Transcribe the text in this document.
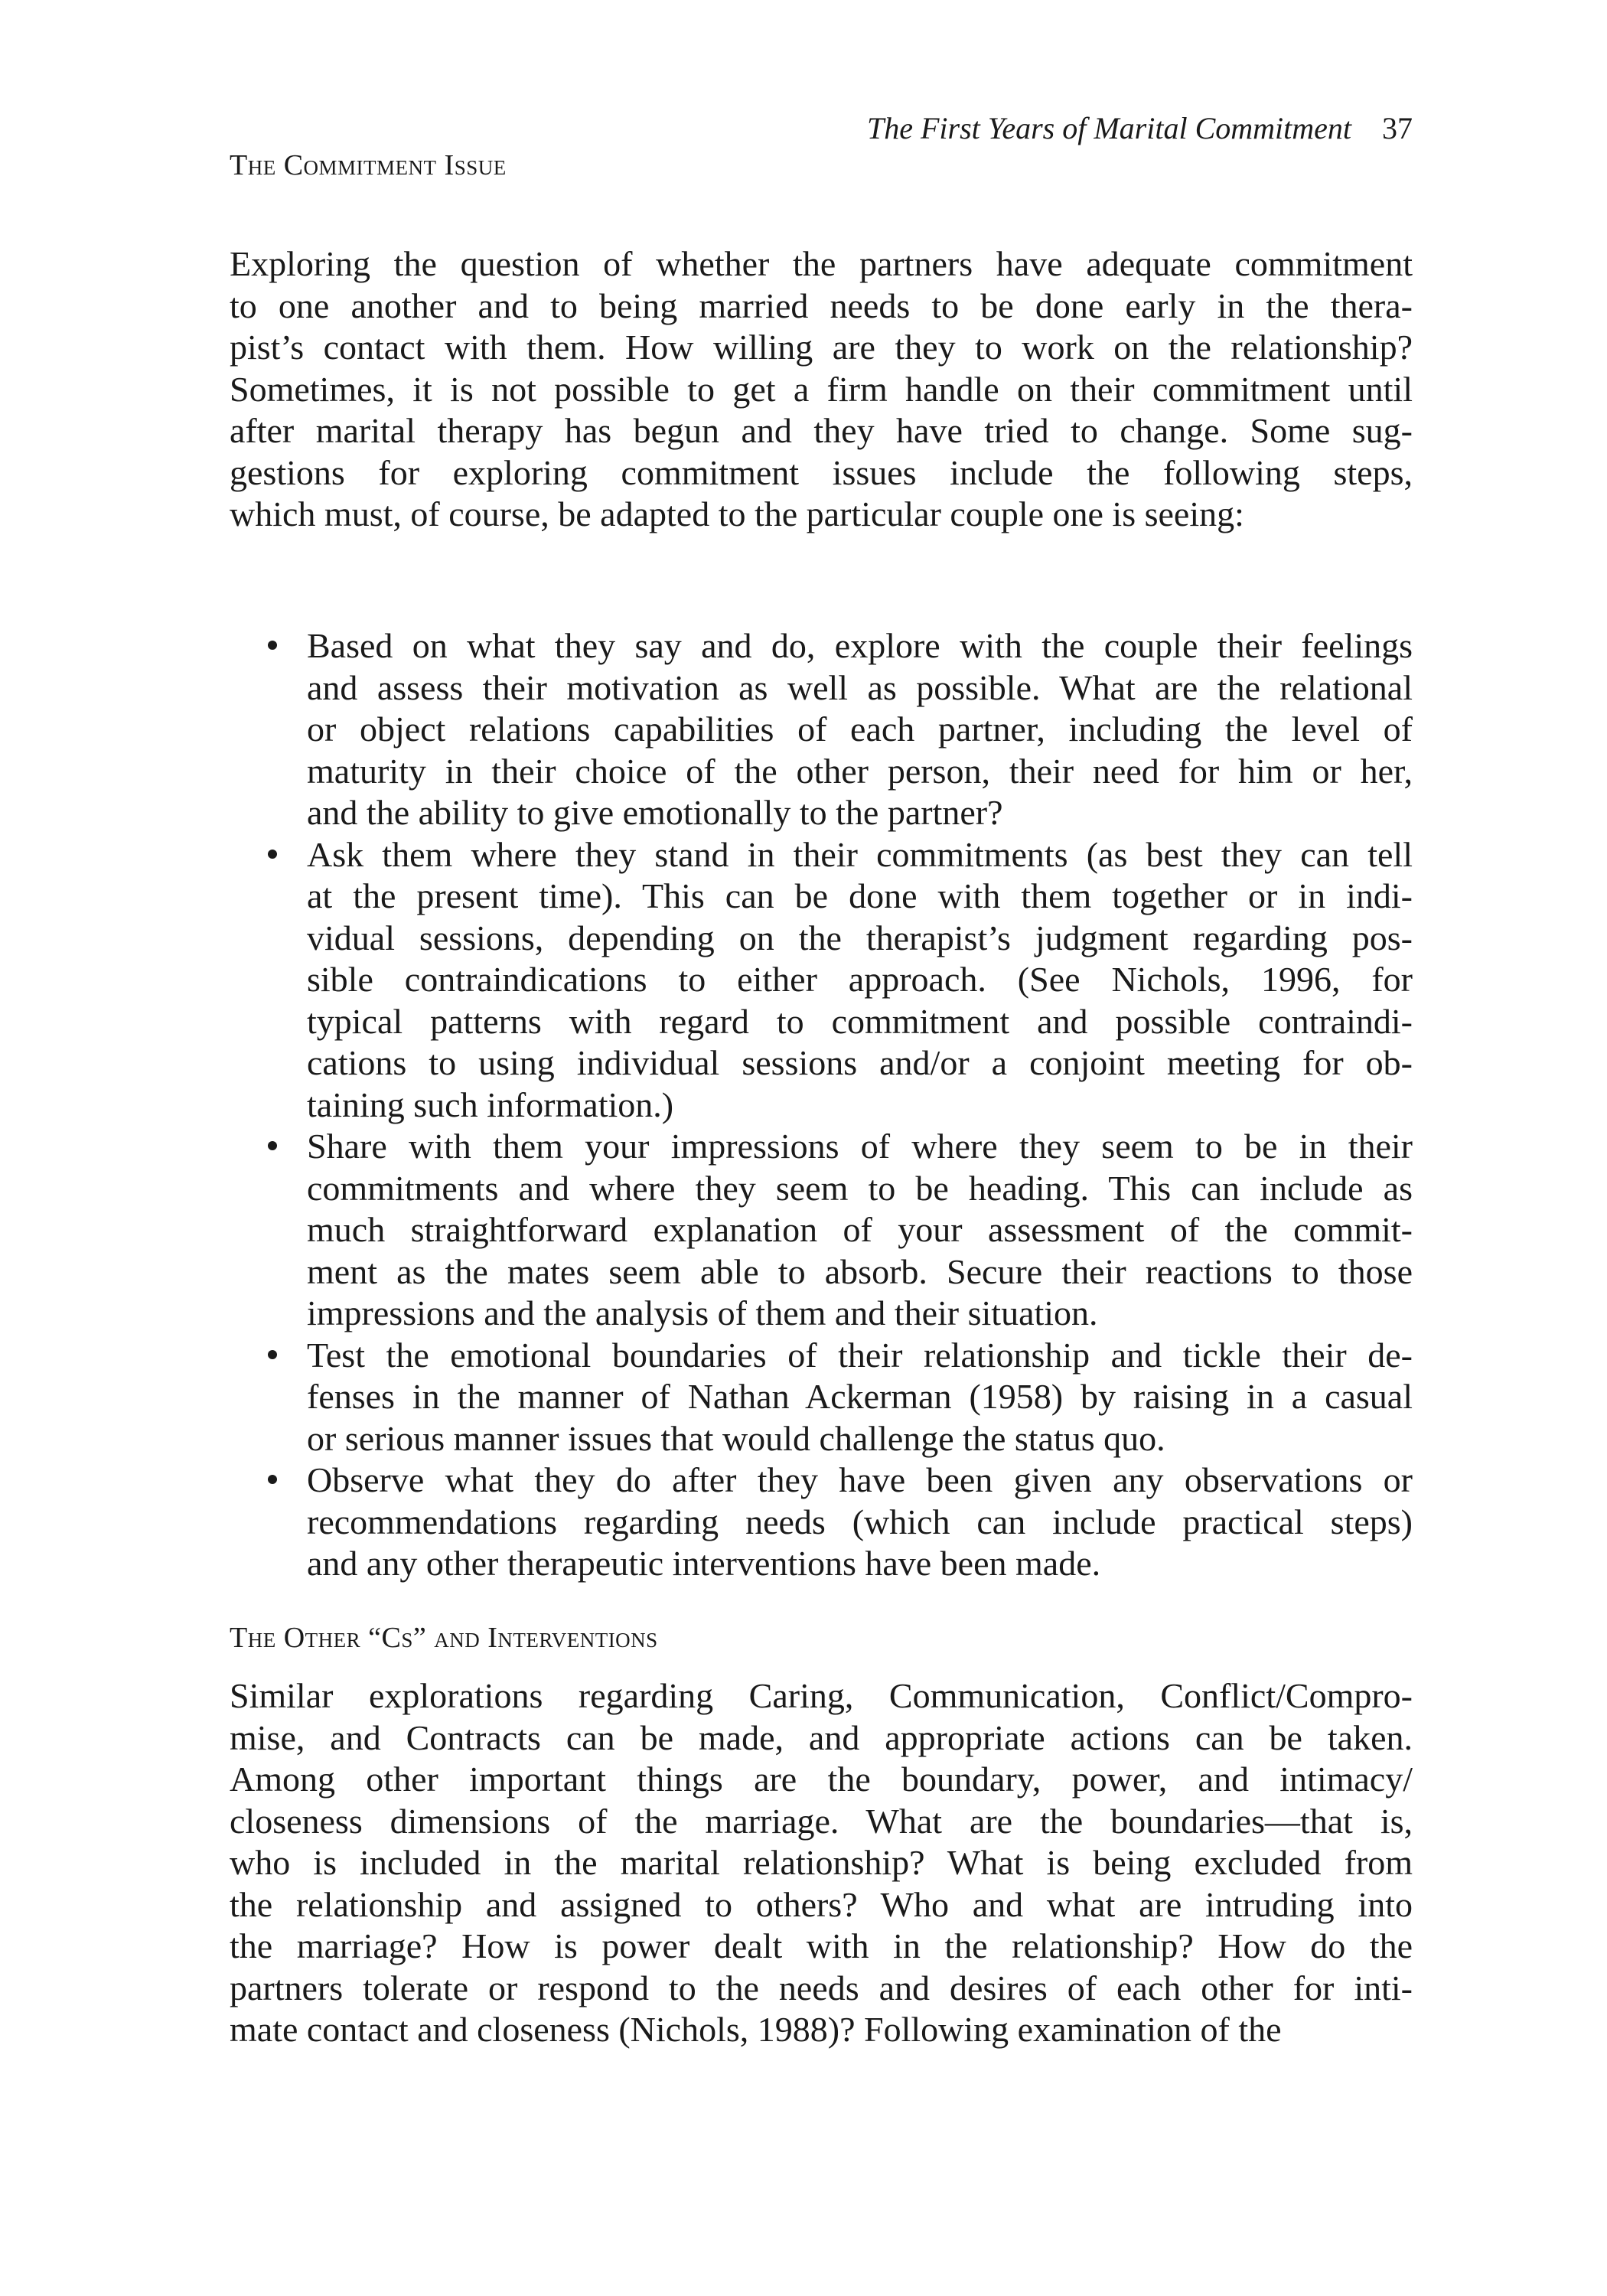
The First Years of Marital Commitment 37
The Commitment Issue
Exploring the question of whether the partners have adequate commitment
to one another and to being married needs to be done early in the thera-
pist’s contact with them. How willing are they to work on the relationship?
Sometimes, it is not possible to get a firm handle on their commitment until
after marital therapy has begun and they have tried to change. Some sug-
gestions for exploring commitment issues include the following steps,
which must, of course, be adapted to the particular couple one is seeing:
Based on what they say and do, explore with the couple their feelings
and assess their motivation as well as possible. What are the relational
or object relations capabilities of each partner, including the level of
maturity in their choice of the other person, their need for him or her,
and the ability to give emotionally to the partner?
Ask them where they stand in their commitments (as best they can tell
at the present time). This can be done with them together or in indi-
vidual sessions, depending on the therapist’s judgment regarding pos-
sible contraindications to either approach. (See Nichols, 1996, for
typical patterns with regard to commitment and possible contraindi-
cations to using individual sessions and/or a conjoint meeting for ob-
taining such information.)
Share with them your impressions of where they seem to be in their
commitments and where they seem to be heading. This can include as
much straightforward explanation of your assessment of the commit-
ment as the mates seem able to absorb. Secure their reactions to those
impressions and the analysis of them and their situation.
Test the emotional boundaries of their relationship and tickle their de-
fenses in the manner of Nathan Ackerman (1958) by raising in a casual
or serious manner issues that would challenge the status quo.
Observe what they do after they have been given any observations or
recommendations regarding needs (which can include practical steps)
and any other therapeutic interventions have been made.
The Other “Cs” and Interventions
Similar explorations regarding Caring, Communication, Conflict/Compro-
mise, and Contracts can be made, and appropriate actions can be taken.
Among other important things are the boundary, power, and intimacy/
closeness dimensions of the marriage. What are the boundaries—that is,
who is included in the marital relationship? What is being excluded from
the relationship and assigned to others? Who and what are intruding into
the marriage? How is power dealt with in the relationship? How do the
partners tolerate or respond to the needs and desires of each other for inti-
mate contact and closeness (Nichols, 1988)? Following examination of the
